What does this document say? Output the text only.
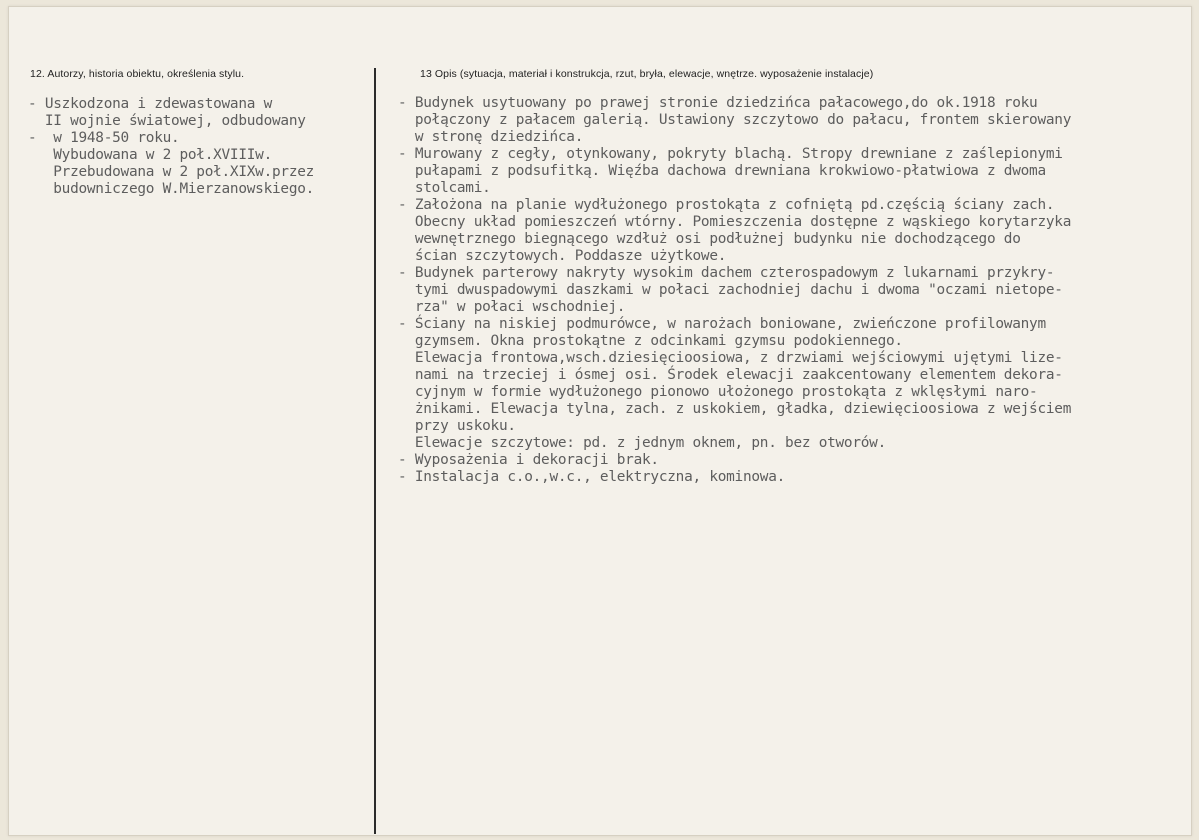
12. Autorzy, historia obiektu, określenia stylu.	13 Opis (sytuacja, materiał i konstrukcja, rzut, bryła, elewacje, wnętrze. wyposażenie instalacje)
- Uszkodzona i zdewastowana w
II wojnie światowej, odbudowany
-  w 1948-50 roku.
Wybudowana w 2 poł.XVIIIw.
Przebudowana w 2 poł.XIXw.przez
budowniczego W.Mierzanowskiego.
- Budynek usytuowany po prawej stronie dziedzińca pałacowego,do ok.1918 roku
połączony z pałacem galerią. Ustawiony szczytowo do pałacu, frontem skierowany
w stronę dziedzińca.
- Murowany z cegły, otynkowany, pokryty blachą. Stropy drewniane z zaślepionymi
pułapami z podsufitką. Więźba dachowa drewniana krokwiowo-płatwiowa z dwoma
stolcami.
- Założona na planie wydłużonego prostokąta z cofniętą pd.częścią ściany zach.
Obecny układ pomieszczeń wtórny. Pomieszczenia dostępne z wąskiego korytarzyka
wewnętrznego biegnącego wzdłuż osi podłużnej budynku nie dochodzącego do
ścian szczytowych. Poddasze użytkowe.
- Budynek parterowy nakryty wysokim dachem czterospadowym z lukarnami przykry-
tymi dwuspadowymi daszkami w połaci zachodniej dachu i dwoma "oczami nietope-
rza" w połaci wschodniej.
- Ściany na niskiej podmurówce, w narożach boniowane, zwieńczone profilowanym
gzymsem. Okna prostokątne z odcinkami gzymsu podokiennego.
Elewacja frontowa,wsch.dziesięcioosiowa, z drzwiami wejściowymi ujętymi lize-
nami na trzeciej i ósmej osi. Środek elewacji zaakcentowany elementem dekora-
cyjnym w formie wydłużonego pionowo ułożonego prostokąta z wklęsłymi naro-
żnikami. Elewacja tylna, zach. z uskokiem, gładka, dziewięcioosiowa z wejściem
przy uskoku.
Elewacje szczytowe: pd. z jednym oknem, pn. bez otworów.
- Wyposażenia i dekoracji brak.
- Instalacja c.o.,w.c., elektryczna, kominowa.
